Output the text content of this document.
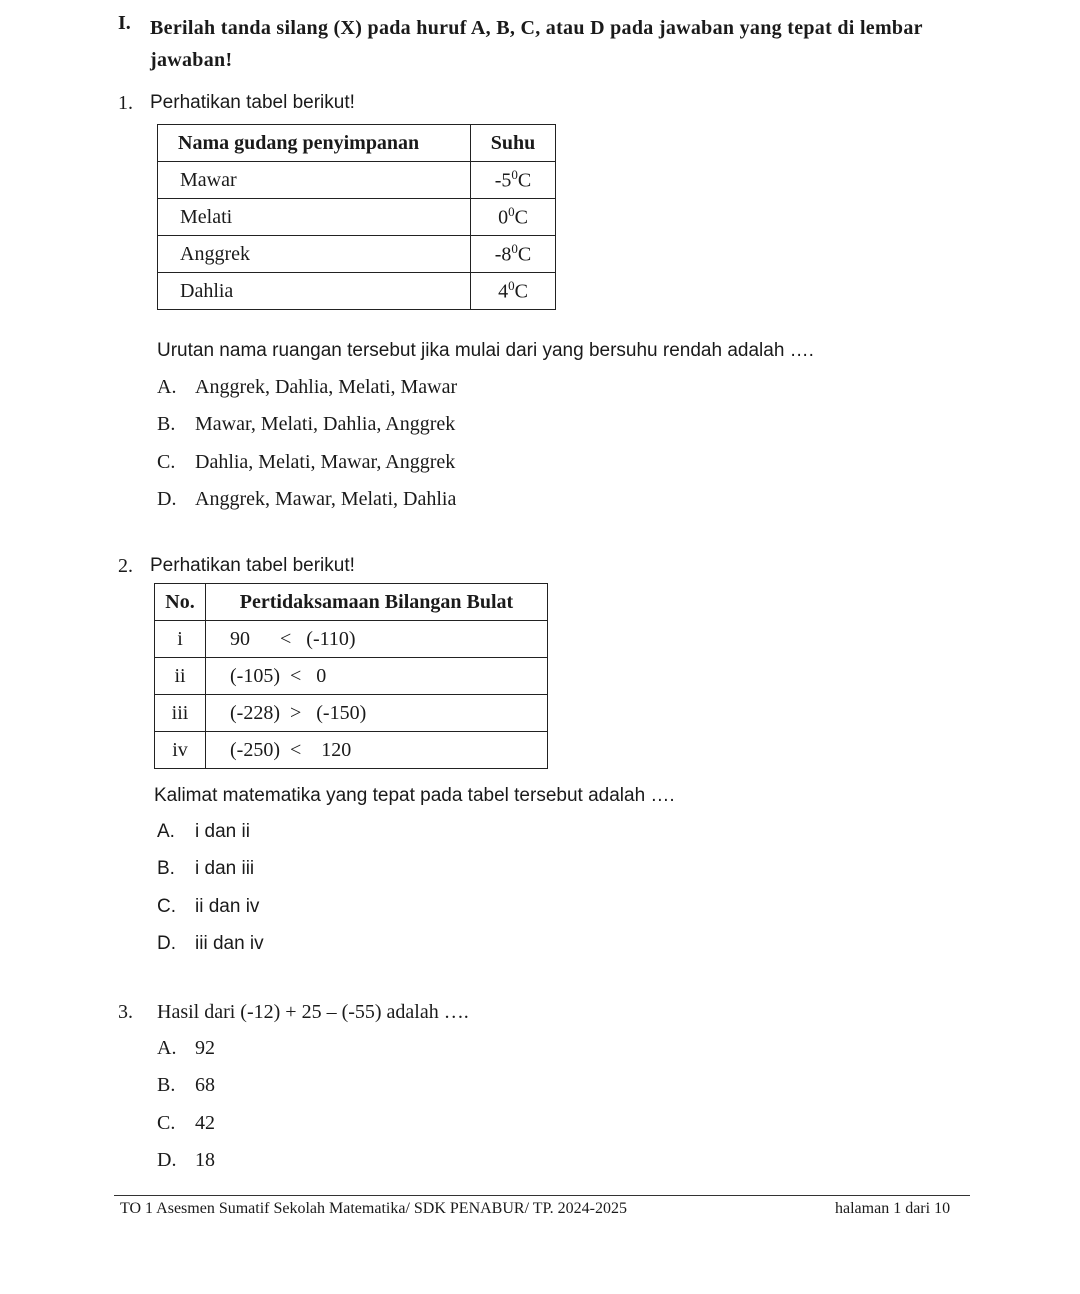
I. Berilah tanda silang (X) pada huruf A, B, C, atau D pada jawaban yang tepat di lembar jawaban!
1. Perhatikan tabel berikut!
Nama gudang penyimpanan	Suhu
Mawar	$-5^0C$
Melati	$0^0C$
Anggrek	$-8^0C$
Dahlia	$4^0C$
Urutan nama ruangan tersebut jika mulai dari yang bersuhu rendah adalah ….
A. Anggrek, Dahlia, Melati, Mawar
B. Mawar, Melati, Dahlia, Anggrek
C. Dahlia, Melati, Mawar, Anggrek
D. Anggrek, Mawar, Melati, Dahlia
2. Perhatikan tabel berikut!
No.	Pertidaksamaan Bilangan Bulat
i	90      <   (-110)
ii	(-105)  <   0
iii	(-228)  >   (-150)
iv	(-250)  <    120
Kalimat matematika yang tepat pada tabel tersebut adalah ….
A. i dan ii
B. i dan iii
C. ii dan iv
D. iii dan iv
3. Hasil dari (-12) + 25 – (-55) adalah ….
A. 92
B. 68
C. 42
D. 18
TO 1 Asesmen Sumatif Sekolah Matematika/ SDK PENABUR/ TP. 2024-2025	halaman 1 dari 10
